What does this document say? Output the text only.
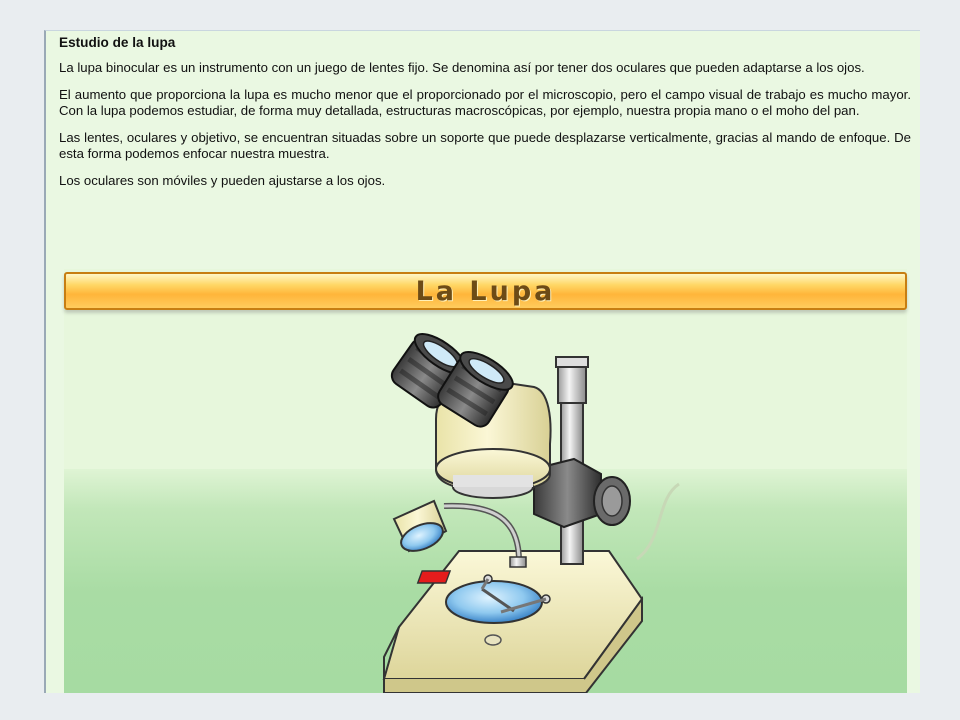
Estudio de la lupa

La lupa binocular es un instrumento con un juego de lentes fijo. Se denomina así por tener dos oculares que pueden adaptarse a los ojos.

El aumento que proporciona la lupa es mucho menor que el proporcionado por el microscopio, pero el campo visual de trabajo es mucho mayor. Con la lupa podemos estudiar, de forma muy detallada, estructuras macroscópicas, por ejemplo, nuestra propia mano o el moho del pan.

Las lentes, oculares y objetivo, se encuentran situadas sobre un soporte que puede desplazarse verticalmente, gracias al mando de enfoque. De esta forma podemos enfocar nuestra muestra.

Los oculares son móviles y pueden ajustarse a los ojos.

La Lupa
